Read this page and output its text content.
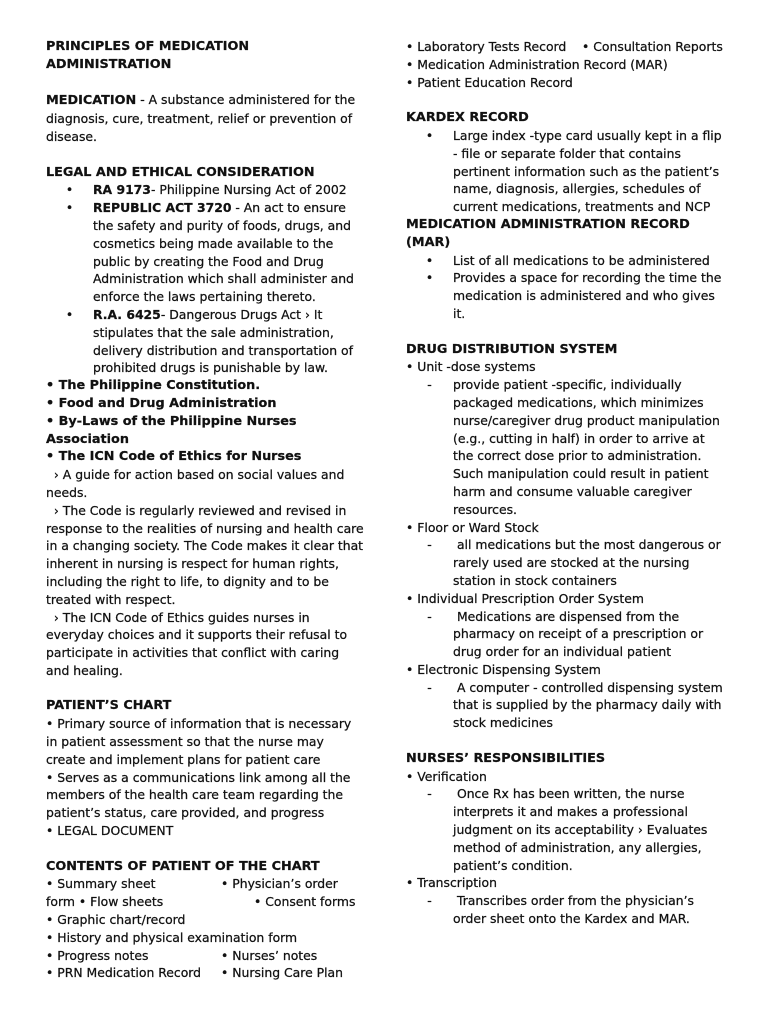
PRINCIPLES OF MEDICATION ADMINISTRATION
MEDICATION - A substance administered for the diagnosis, cure, treatment, relief or prevention of disease.
LEGAL AND ETHICAL CONSIDERATION
•	RA 9173- Philippine Nursing Act of 2002
•	REPUBLIC ACT 3720 - An act to ensure the safety and purity of foods, drugs, and cosmetics being made available to the public by creating the Food and Drug Administration which shall administer and enforce the laws pertaining thereto.
•	R.A. 6425- Dangerous Drugs Act › It stipulates that the sale administration, delivery distribution and transportation of prohibited drugs is punishable by law.
• The Philippine Constitution.
• Food and Drug Administration
• By-Laws of the Philippine Nurses Association
• The ICN Code of Ethics for Nurses
› A guide for action based on social values and needs.
› The Code is regularly reviewed and revised in response to the realities of nursing and health care in a changing society. The Code makes it clear that inherent in nursing is respect for human rights, including the right to life, to dignity and to be treated with respect.
› The ICN Code of Ethics guides nurses in everyday choices and it supports their refusal to participate in activities that conflict with caring and healing.
PATIENT’S CHART
• Primary source of information that is necessary in patient assessment so that the nurse may create and implement plans for patient care
• Serves as a communications link among all the members of the health care team regarding the patient’s status, care provided, and progress
• LEGAL DOCUMENT
CONTENTS OF PATIENT OF THE CHART
• Summary sheet	• Physician’s order
form • Flow sheets	• Consent forms
• Graphic chart/record
• History and physical examination form
• Progress notes	• Nurses’ notes
• PRN Medication Record	• Nursing Care Plan
• Laboratory Tests Record    • Consultation Reports
• Medication Administration Record (MAR)
• Patient Education Record
KARDEX RECORD
•	Large index -type card usually kept in a flip - file or separate folder that contains pertinent information such as the patient’s name, diagnosis, allergies, schedules of current medications, treatments and NCP
MEDICATION ADMINISTRATION RECORD (MAR)
•	List of all medications to be administered
•	Provides a space for recording the time the medication is administered and who gives it.
DRUG DISTRIBUTION SYSTEM
• Unit -dose systems
-	provide patient -specific, individually packaged medications, which minimizes nurse/caregiver drug product manipulation (e.g., cutting in half) in order to arrive at the correct dose prior to administration. Such manipulation could result in patient harm and consume valuable caregiver resources.
• Floor or Ward Stock
-	all medications but the most dangerous or rarely used are stocked at the nursing station in stock containers
• Individual Prescription Order System
-	Medications are dispensed from the pharmacy on receipt of a prescription or drug order for an individual patient
• Electronic Dispensing System
-	A computer - controlled dispensing system that is supplied by the pharmacy daily with stock medicines
NURSES’ RESPONSIBILITIES
• Verification
-	Once Rx has been written, the nurse interprets it and makes a professional judgment on its acceptability › Evaluates method of administration, any allergies, patient’s condition.
• Transcription
-	Transcribes order from the physician’s order sheet onto the Kardex and MAR.
